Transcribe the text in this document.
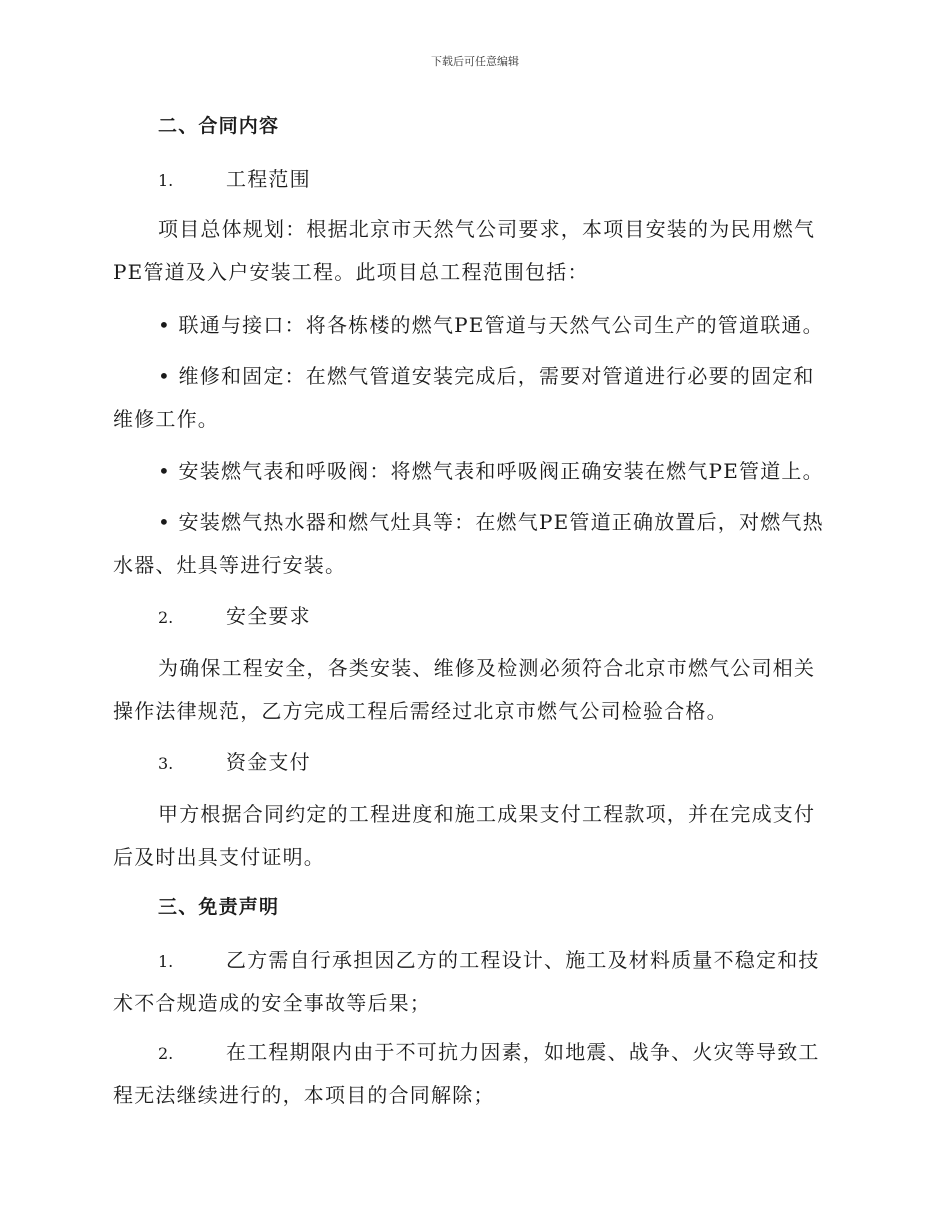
下载后可任意编辑
二、合同内容
1.	工程范围
项目总体规划：根据北京市天然气公司要求，本项目安装的为民用燃气
PE管道及入户安装工程。此项目总工程范围包括：
• 联通与接口：将各栋楼的燃气PE管道与天然气公司生产的管道联通。
• 维修和固定：在燃气管道安装完成后，需要对管道进行必要的固定和
维修工作。
• 安装燃气表和呼吸阀：将燃气表和呼吸阀正确安装在燃气PE管道上。
• 安装燃气热水器和燃气灶具等：在燃气PE管道正确放置后，对燃气热
水器、灶具等进行安装。
2.	安全要求
为确保工程安全，各类安装、维修及检测必须符合北京市燃气公司相关
操作法律规范，乙方完成工程后需经过北京市燃气公司检验合格。
3.	资金支付
甲方根据合同约定的工程进度和施工成果支付工程款项，并在完成支付
后及时出具支付证明。
三、免责声明
1.	乙方需自行承担因乙方的工程设计、施工及材料质量不稳定和技
术不合规造成的安全事故等后果；
2.	在工程期限内由于不可抗力因素，如地震、战争、火灾等导致工
程无法继续进行的，本项目的合同解除；
